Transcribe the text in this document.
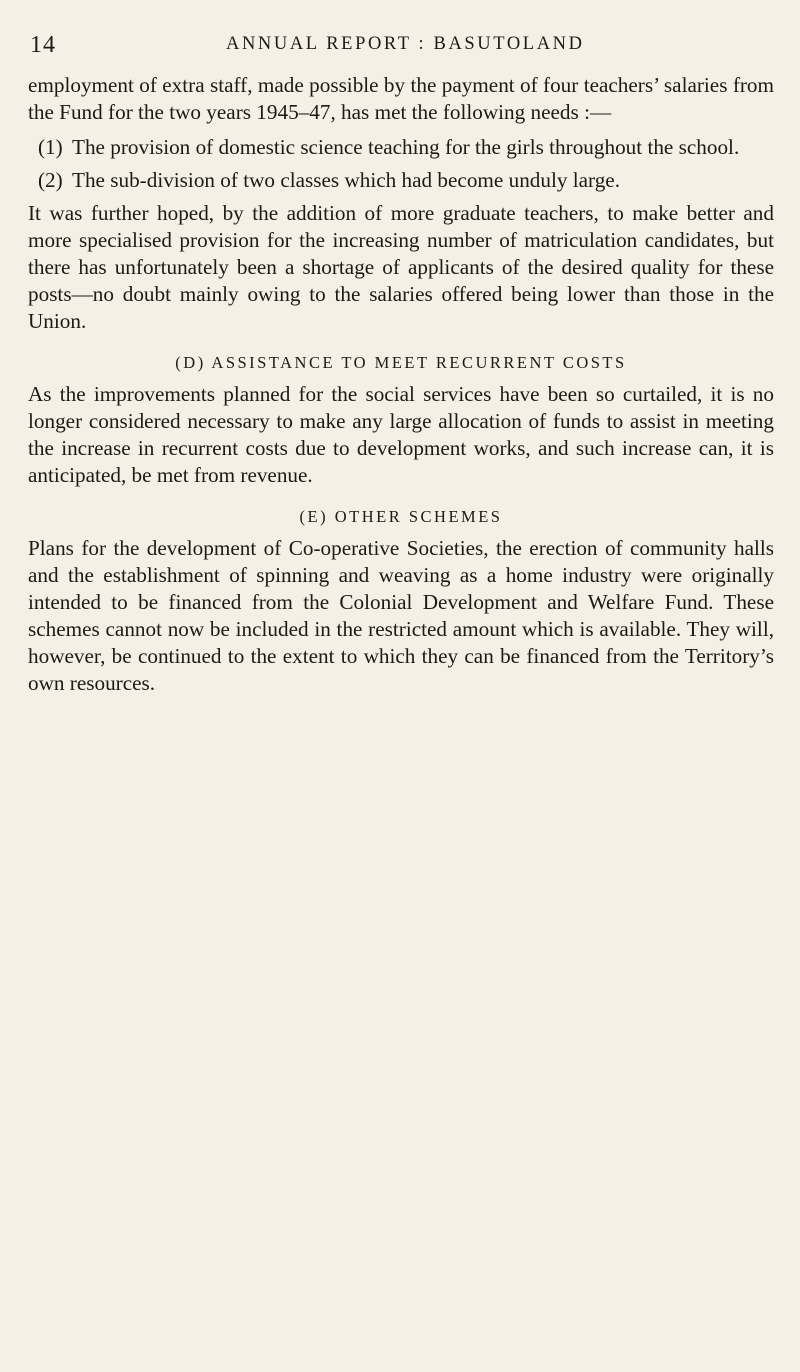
14	ANNUAL REPORT : BASUTOLAND

employment of extra staff, made possible by the payment of four teachers’ salaries from the Fund for the two years 1945–47, has met the following needs :—

(1) The provision of domestic science teaching for the girls throughout the school.
(2) The sub-division of two classes which had become unduly large.

It was further hoped, by the addition of more graduate teachers, to make better and more specialised provision for the increasing number of matriculation candidates, but there has unfortunately been a shortage of applicants of the desired quality for these posts—no doubt mainly owing to the salaries offered being lower than those in the Union.

(D) ASSISTANCE TO MEET RECURRENT COSTS

As the improvements planned for the social services have been so curtailed, it is no longer considered necessary to make any large allocation of funds to assist in meeting the increase in recurrent costs due to development works, and such increase can, it is anticipated, be met from revenue.

(E) OTHER SCHEMES

Plans for the development of Co-operative Societies, the erection of community halls and the establishment of spinning and weaving as a home industry were originally intended to be financed from the Colonial Development and Welfare Fund. These schemes cannot now be included in the restricted amount which is available. They will, however, be continued to the extent to which they can be financed from the Territory’s own resources.
